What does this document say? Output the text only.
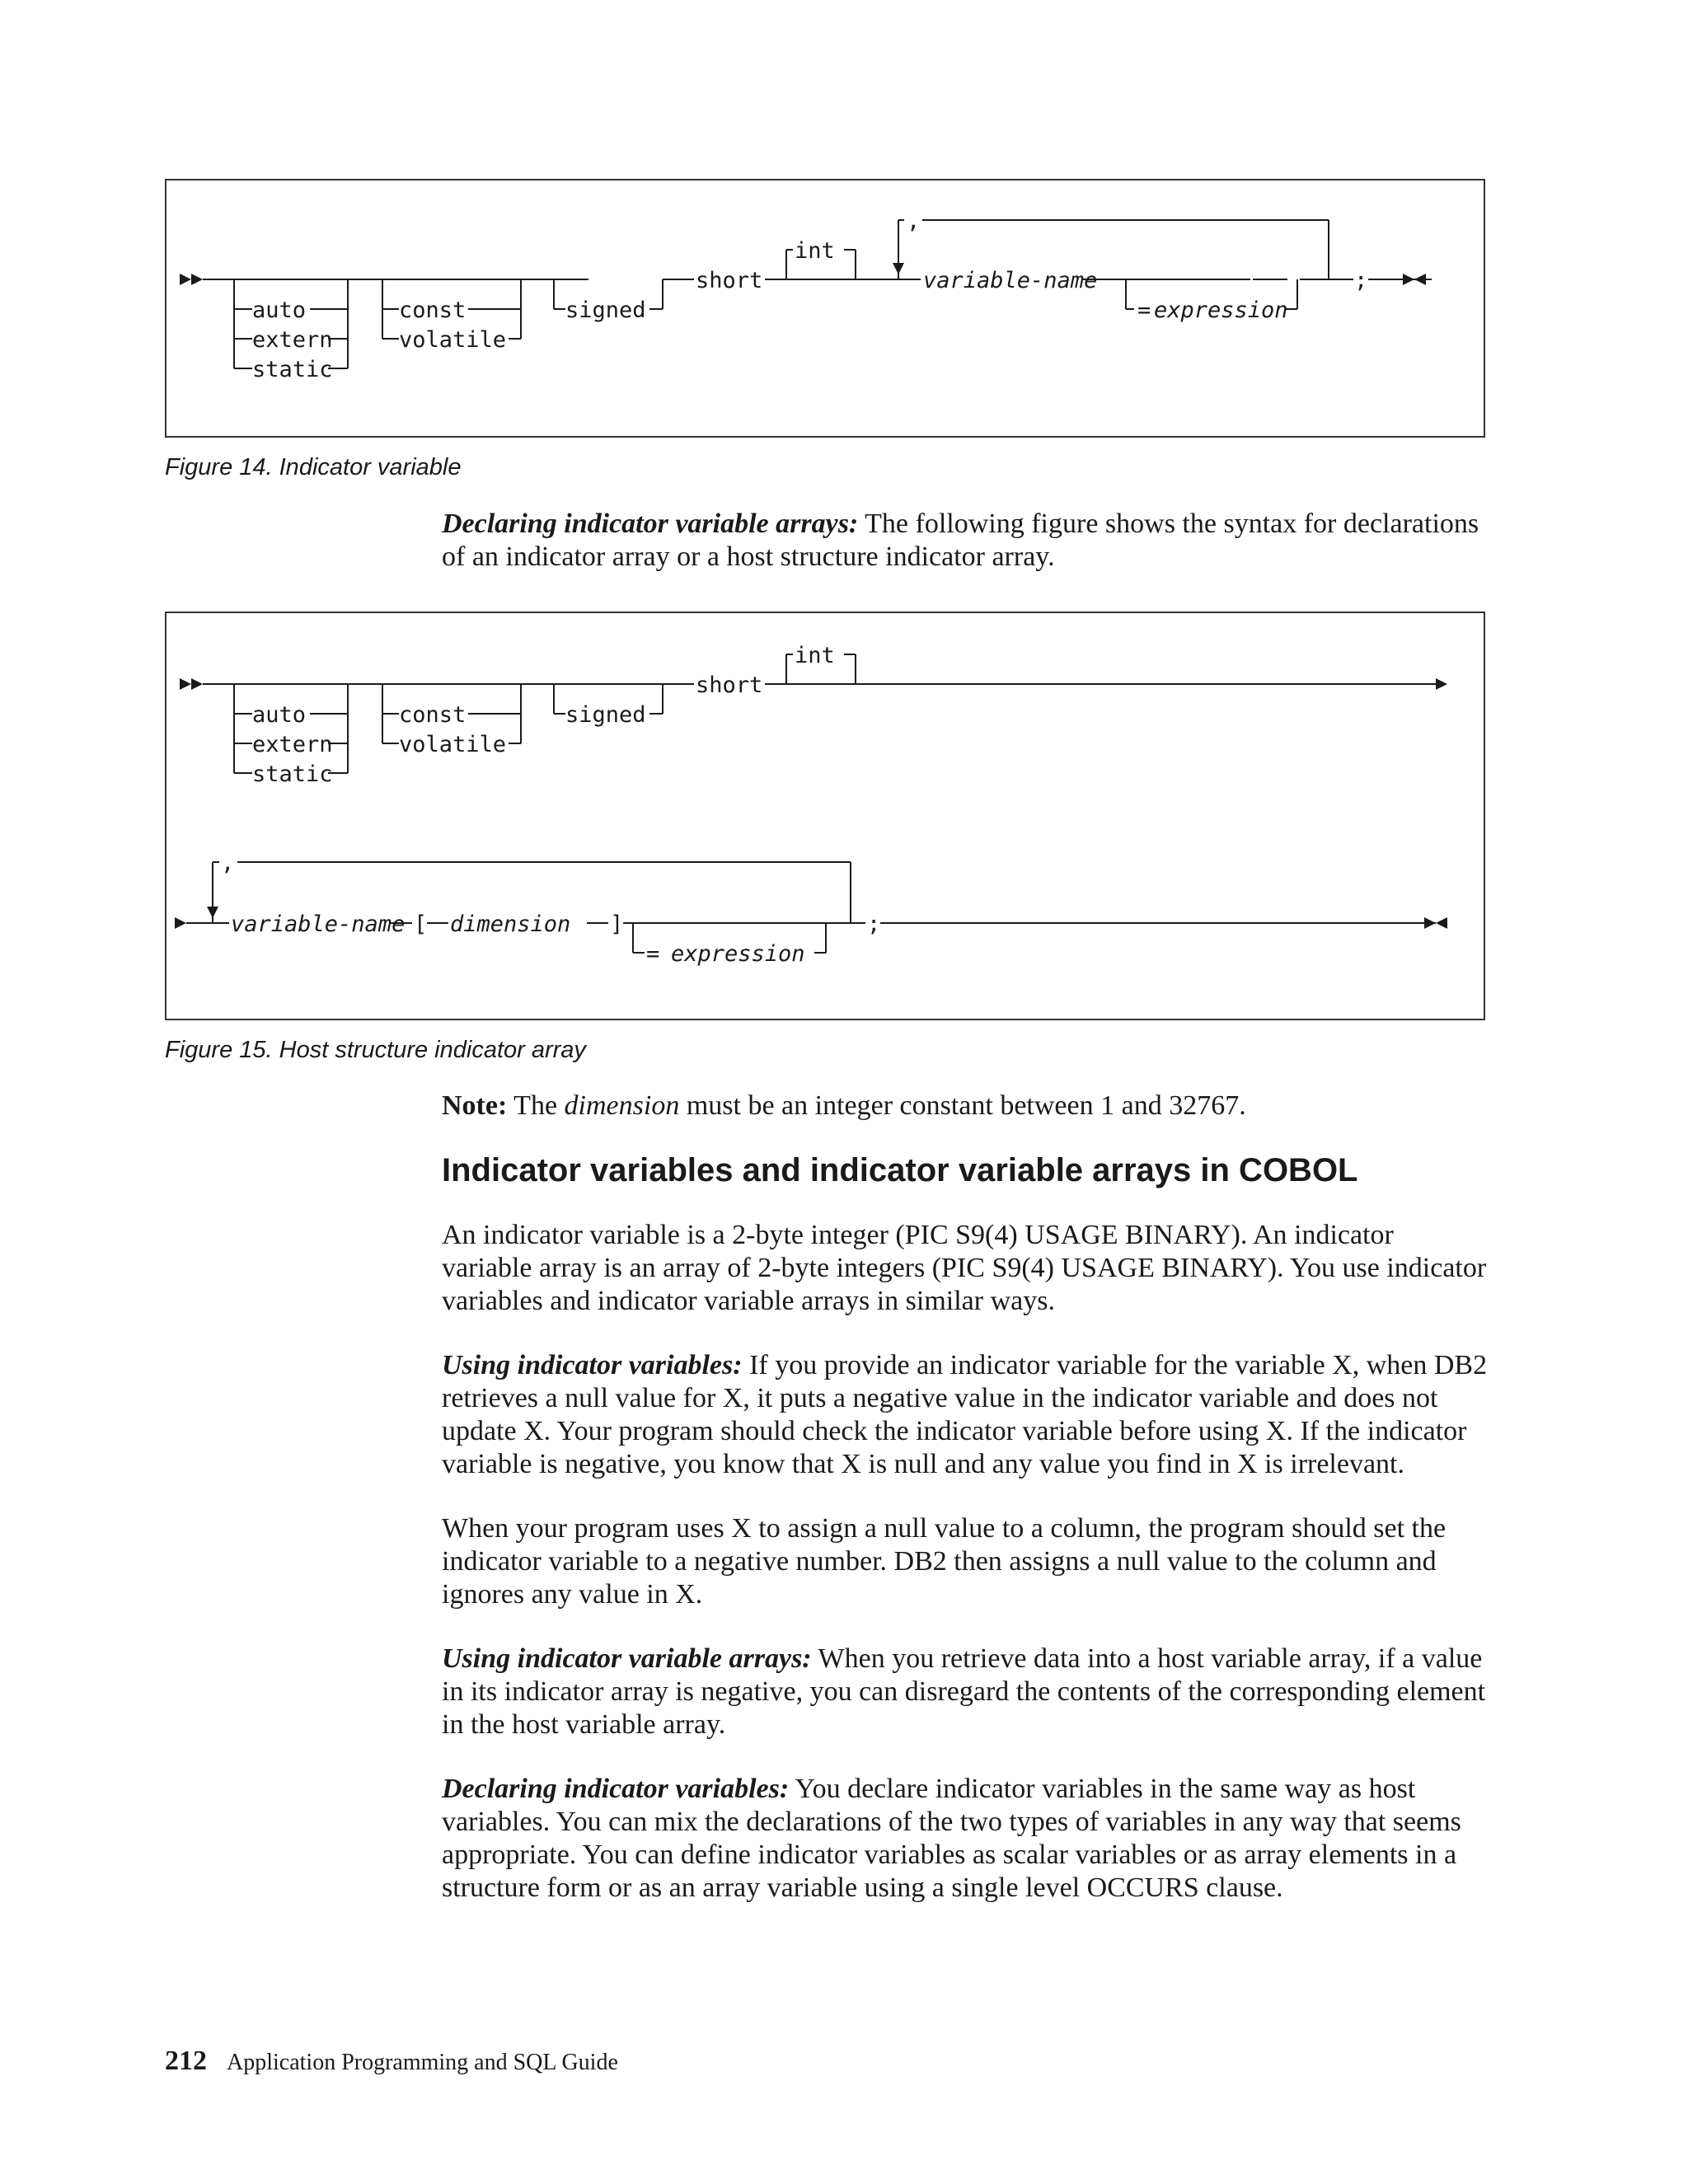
auto
extern
static
const
volatile
signed
short
int
,
variable-name
= expression
;

Figure 14. Indicator variable

Declaring indicator variable arrays: The following figure shows the syntax for declarations of an indicator array or a host structure indicator array.

auto
extern
static
const
volatile
signed
short
int
,
variable-name [ dimension ]
= expression
;

Figure 15. Host structure indicator array

Note: The dimension must be an integer constant between 1 and 32767.

Indicator variables and indicator variable arrays in COBOL

An indicator variable is a 2-byte integer (PIC S9(4) USAGE BINARY). An indicator variable array is an array of 2-byte integers (PIC S9(4) USAGE BINARY). You use indicator variables and indicator variable arrays in similar ways.

Using indicator variables: If you provide an indicator variable for the variable X, when DB2 retrieves a null value for X, it puts a negative value in the indicator variable and does not update X. Your program should check the indicator variable before using X. If the indicator variable is negative, you know that X is null and any value you find in X is irrelevant.

When your program uses X to assign a null value to a column, the program should set the indicator variable to a negative number. DB2 then assigns a null value to the column and ignores any value in X.

Using indicator variable arrays: When you retrieve data into a host variable array, if a value in its indicator array is negative, you can disregard the contents of the corresponding element in the host variable array.

Declaring indicator variables: You declare indicator variables in the same way as host variables. You can mix the declarations of the two types of variables in any way that seems appropriate. You can define indicator variables as scalar variables or as array elements in a structure form or as an array variable using a single level OCCURS clause.

212 Application Programming and SQL Guide
